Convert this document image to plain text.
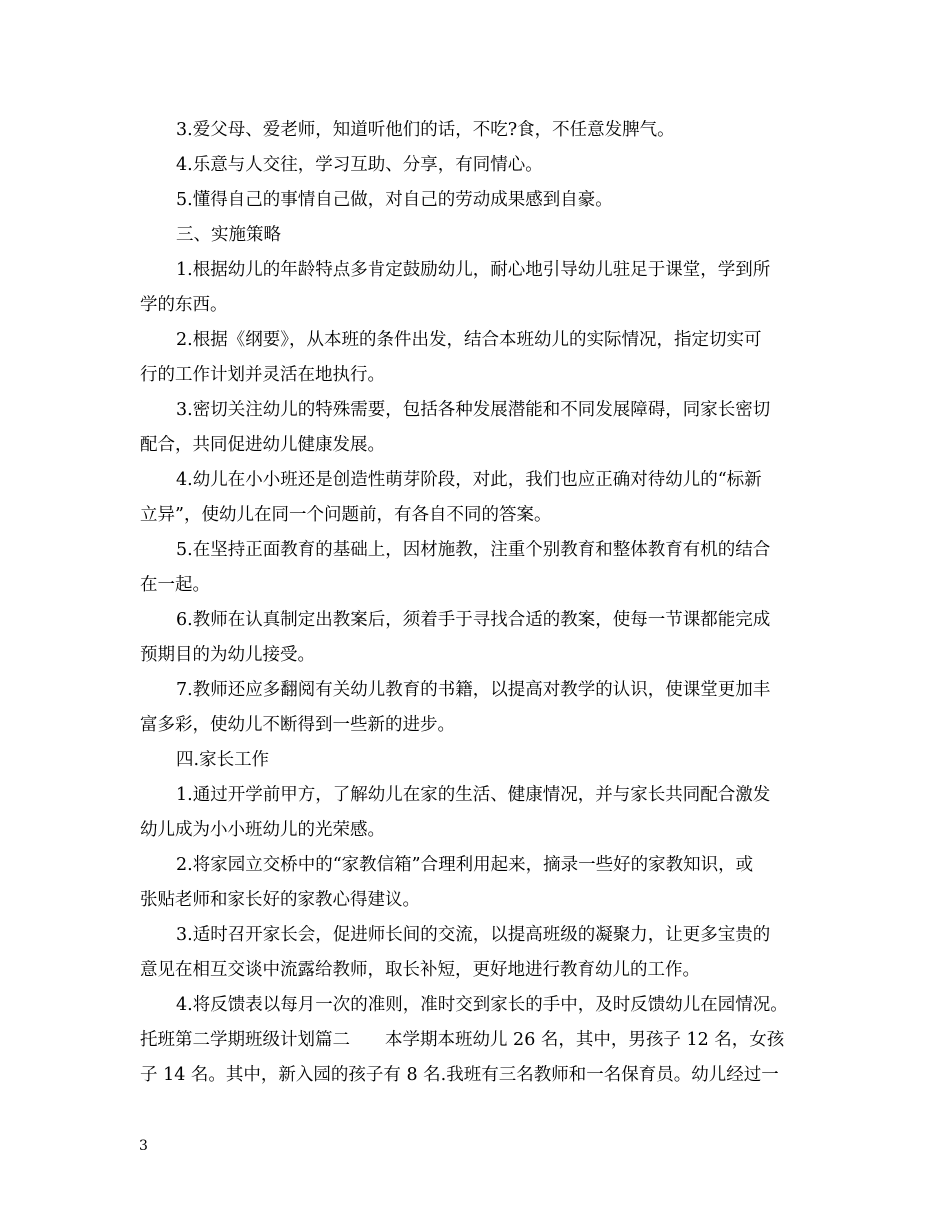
3.爱父母、爱老师，知道听他们的话，不吃?食，不任意发脾气。
4.乐意与人交往，学习互助、分享，有同情心。
5.懂得自己的事情自己做，对自己的劳动成果感到自豪。
三、实施策略
1.根据幼儿的年龄特点多肯定鼓励幼儿，耐心地引导幼儿驻足于课堂，学到所
学的东西。
2.根据《纲要》，从本班的条件出发，结合本班幼儿的实际情况，指定切实可
行的工作计划并灵活在地执行。
3.密切关注幼儿的特殊需要，包括各种发展潜能和不同发展障碍，同家长密切
配合，共同促进幼儿健康发展。
4.幼儿在小小班还是创造性萌芽阶段，对此，我们也应正确对待幼儿的“标新
立异”，使幼儿在同一个问题前，有各自不同的答案。
5.在坚持正面教育的基础上，因材施教，注重个别教育和整体教育有机的结合
在一起。
6.教师在认真制定出教案后，须着手于寻找合适的教案，使每一节课都能完成
预期目的为幼儿接受。
7.教师还应多翻阅有关幼儿教育的书籍，以提高对教学的认识，使课堂更加丰
富多彩，使幼儿不断得到一些新的进步。
四.家长工作
1.通过开学前甲方，了解幼儿在家的生活、健康情况，并与家长共同配合激发
幼儿成为小小班幼儿的光荣感。
2.将家园立交桥中的“家教信箱”合理利用起来，摘录一些好的家教知识，或
张贴老师和家长好的家教心得建议。
3.适时召开家长会，促进师长间的交流，以提高班级的凝聚力，让更多宝贵的
意见在相互交谈中流露给教师，取长补短，更好地进行教育幼儿的工作。
4.将反馈表以每月一次的准则，准时交到家长的手中，及时反馈幼儿在园情况。
托班第二学期班级计划篇二　　本学期本班幼儿 26 名，其中，男孩子 12 名，女孩
子 14 名。其中，新入园的孩子有 8 名.我班有三名教师和一名保育员。幼儿经过一
3
